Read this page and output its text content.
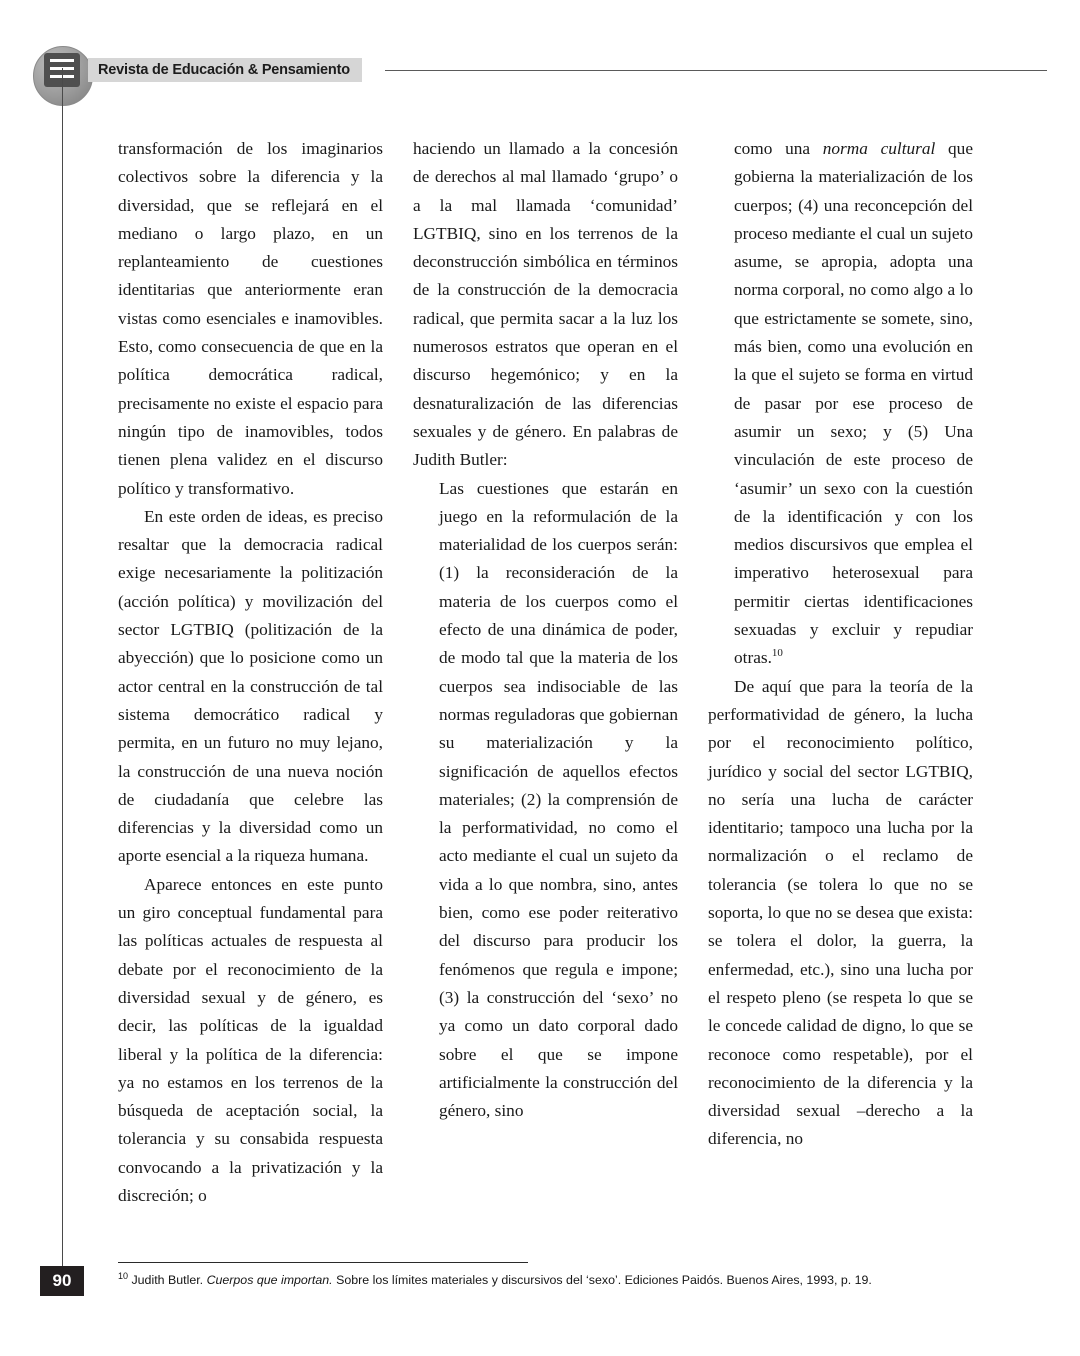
Revista de Educación & Pensamiento

transformación de los imaginarios colectivos sobre la diferencia y la diversidad, que se reflejará en el mediano o largo plazo, en un replanteamiento de cuestiones identitarias que anteriormente eran vistas como esenciales e inamovibles. Esto, como consecuencia de que en la política democrática radical, precisamente no existe el espacio para ningún tipo de inamovibles, todos tienen plena validez en el discurso político y transformativo.

En este orden de ideas, es preciso resaltar que la democracia radical exige necesariamente la politización (acción política) y movilización del sector LGTBIQ (politización de la abyección) que lo posicione como un actor central en la construcción de tal sistema democrático radical y permita, en un futuro no muy lejano, la construcción de una nueva noción de ciudadanía que celebre las diferencias y la diversidad como un aporte esencial a la riqueza humana.

Aparece entonces en este punto un giro conceptual fundamental para las políticas actuales de respuesta al debate por el reconocimiento de la diversidad sexual y de género, es decir, las políticas de la igualdad liberal y la política de la diferencia: ya no estamos en los terrenos de la búsqueda de aceptación social, la tolerancia y su consabida respuesta convocando a la privatización y la discreción; o

haciendo un llamado a la concesión de derechos al mal llamado ‘grupo’ o a la mal llamada ‘comunidad’ LGTBIQ, sino en los terrenos de la deconstrucción simbólica en términos de la construcción de la democracia radical, que permita sacar a la luz los numerosos estratos que operan en el discurso hegemónico; y en la desnaturalización de las diferencias sexuales y de género. En palabras de Judith Butler:

Las cuestiones que estarán en juego en la reformulación de la materialidad de los cuerpos serán: (1) la reconsideración de la materia de los cuerpos como el efecto de una dinámica de poder, de modo tal que la materia de los cuerpos sea indisociable de las normas reguladoras que gobiernan su materialización y la significación de aquellos efectos materiales; (2) la comprensión de la performatividad, no como el acto mediante el cual un sujeto da vida a lo que nombra, sino, antes bien, como ese poder reiterativo del discurso para producir los fenómenos que regula e impone; (3) la construcción del ‘sexo’ no ya como un dato corporal dado sobre el que se impone artificialmente la construcción del género, sino

como una norma cultural que gobierna la materialización de los cuerpos; (4) una reconcepción del proceso mediante el cual un sujeto asume, se apropia, adopta una norma corporal, no como algo a lo que estrictamente se somete, sino, más bien, como una evolución en la que el sujeto se forma en virtud de pasar por ese proceso de asumir un sexo; y (5) Una vinculación de este proceso de ‘asumir’ un sexo con la cuestión de la identificación y con los medios discursivos que emplea el imperativo heterosexual para permitir ciertas identificaciones sexuadas y excluir y repudiar otras.$^{10}$

De aquí que para la teoría de la performatividad de género, la lucha por el reconocimiento político, jurídico y social del sector LGTBIQ, no sería una lucha de carácter identitario; tampoco una lucha por la normalización o el reclamo de tolerancia (se tolera lo que no se soporta, lo que no se desea que exista: se tolera el dolor, la guerra, la enfermedad, etc.), sino una lucha por el respeto pleno (se respeta lo que se le concede calidad de digno, lo que se reconoce como respetable), por el reconocimiento de la diferencia y la diversidad sexual –derecho a la diferencia, no

$^{10}$ Judith Butler. Cuerpos que importan. Sobre los límites materiales y discursivos del ‘sexo’. Ediciones Paidós. Buenos Aires, 1993, p. 19.
90
